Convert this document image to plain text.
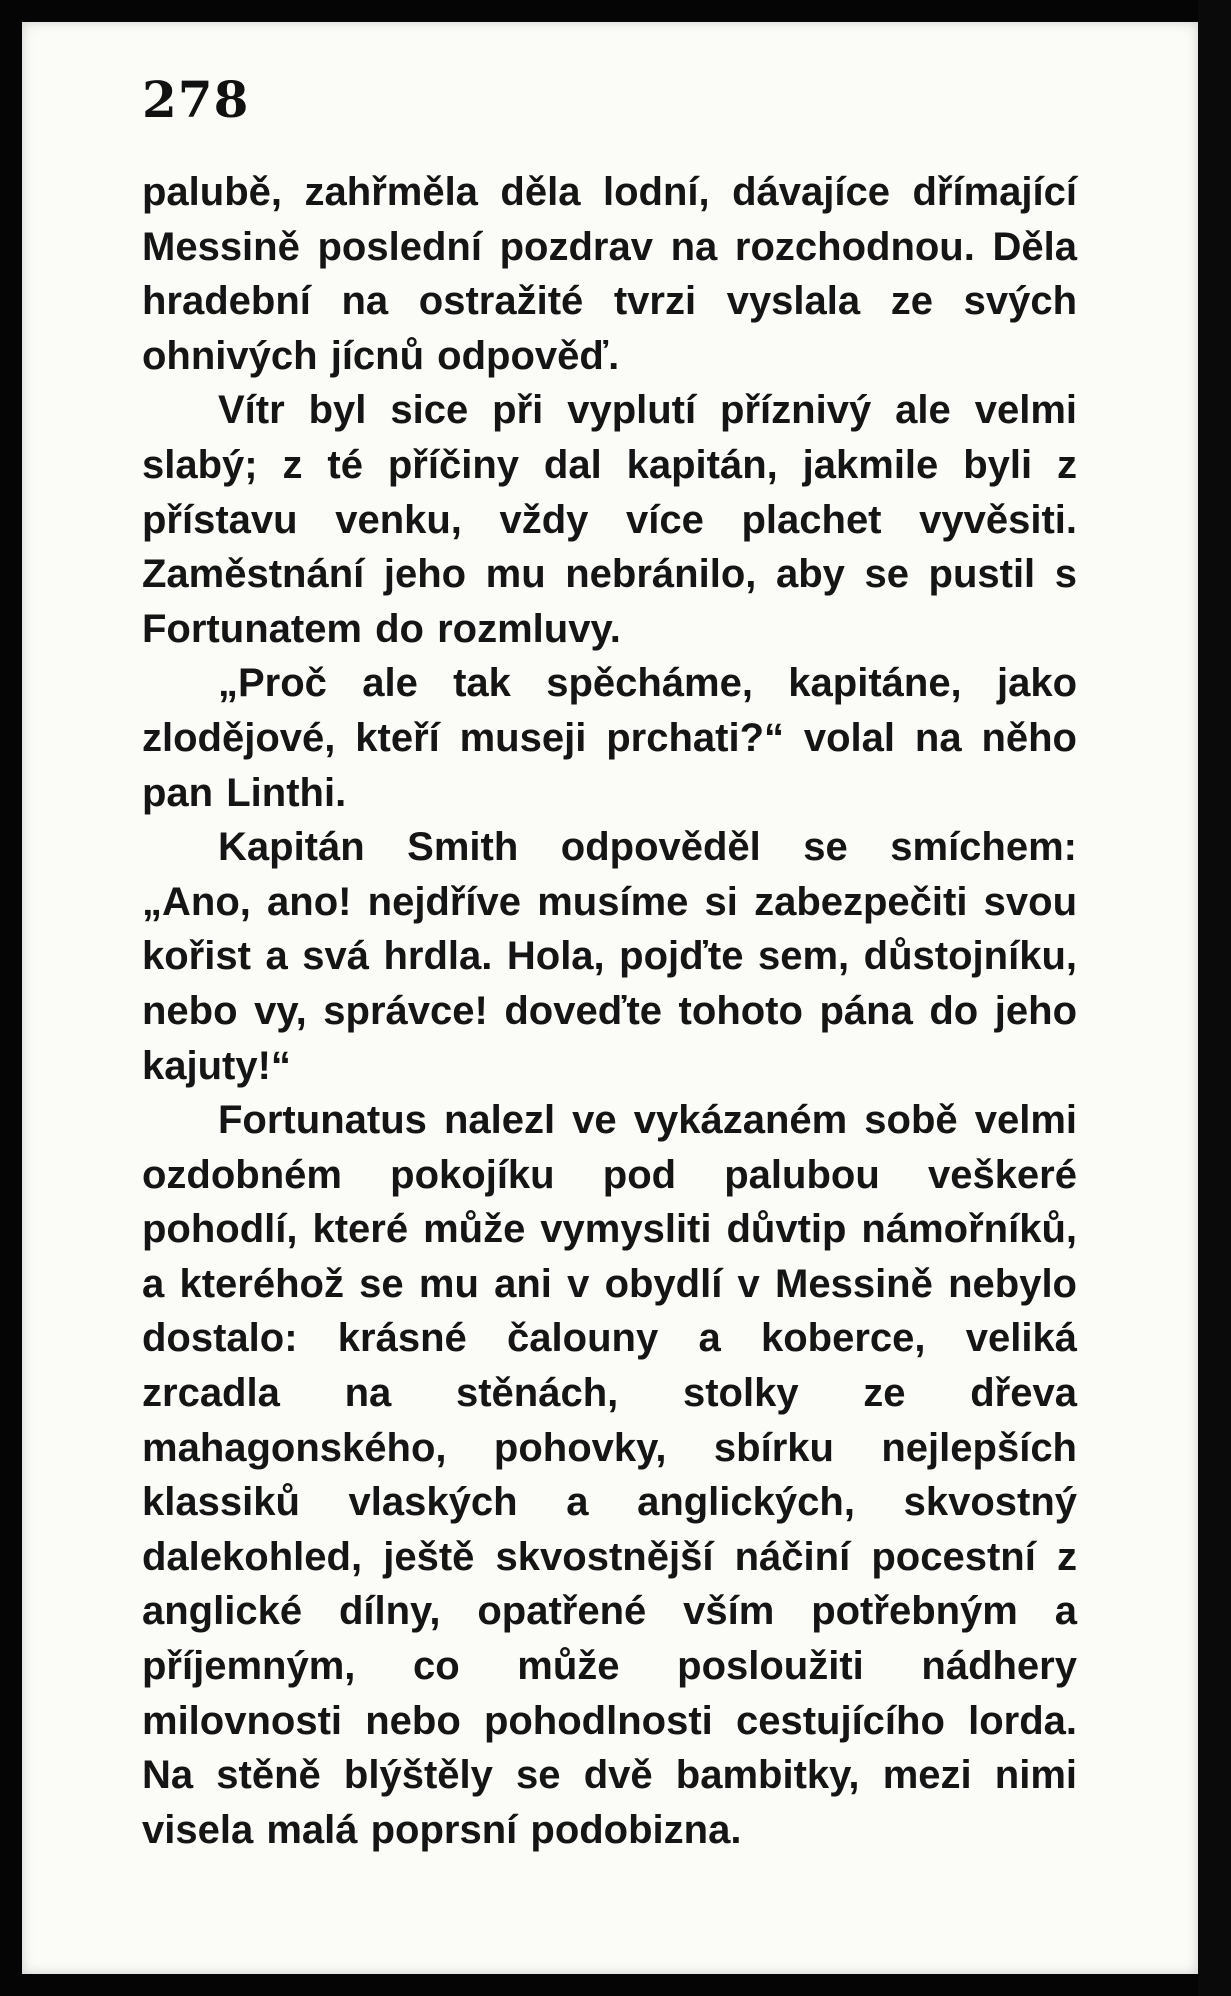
278

palubě, zahřměla děla lodní, dávajíce dřímající Messině poslední pozdrav na rozchodnou. Děla hradební na ostražité tvrzi vyslala ze svých ohnivých jícnů odpověď.

Vítr byl sice při vyplutí příznivý ale velmi slabý; z té příčiny dal kapitán, jakmile byli z přístavu venku, vždy více plachet vyvěsiti. Zaměstnání jeho mu nebránilo, aby se pustil s Fortunatem do rozmluvy.

„Proč ale tak spěcháme, kapitáne, jako zlodějové, kteří museji prchati?“ volal na něho pan Linthi.

Kapitán Smith odpověděl se smíchem: „Ano, ano! nejdříve musíme si zabezpečiti svou kořist a svá hrdla. Hola, pojďte sem, důstojníku, nebo vy, správce! doveďte tohoto pána do jeho kajuty!“

Fortunatus nalezl ve vykázaném sobě velmi ozdobném pokojíku pod palubou veškeré pohodlí, které může vymysliti důvtip námořníků, a kteréhož se mu ani v obydlí v Messině nebylo dostalo: krásné čalouny a koberce, veliká zrcadla na stěnách, stolky ze dřeva mahagonského, pohovky, sbírku nejlepších klassiků vlaských a anglických, skvostný dalekohled, ještě skvostnější náčiní pocestní z anglické dílny, opatřené vším potřebným a příjemným, co může posloužiti nádhery milovnosti nebo pohodlnosti cestujícího lorda. Na stěně blýštěly se dvě bambitky, mezi nimi visela malá poprsní podobizna.
